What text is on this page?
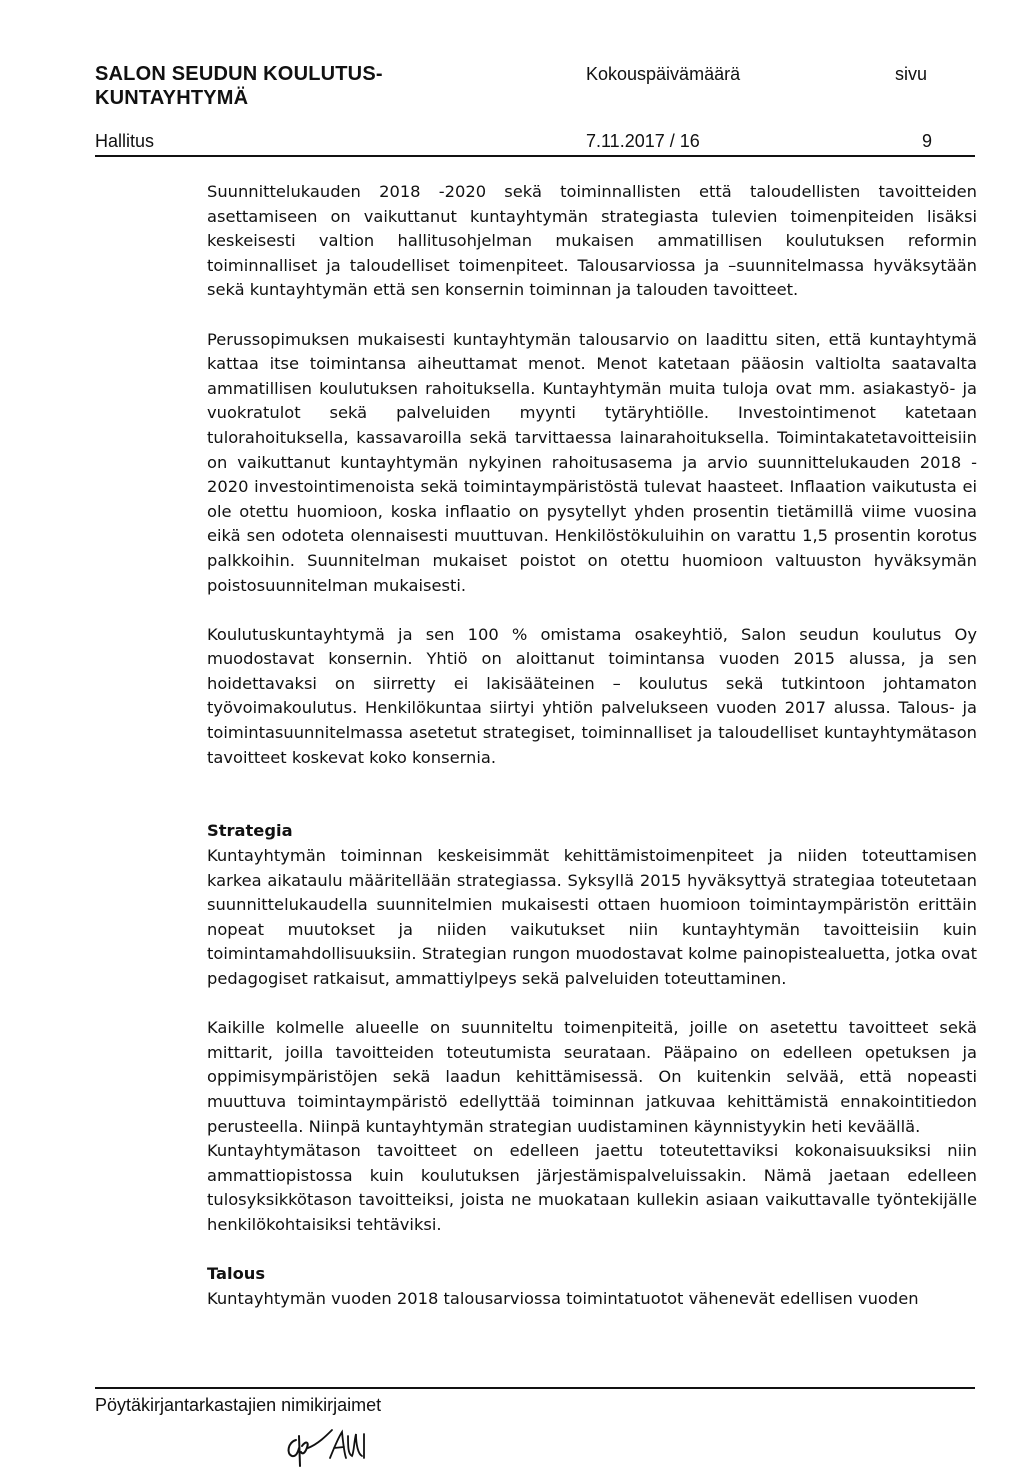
SALON SEUDUN KOULUTUS-
KUNTAYHTYMÄ
Kokouspäivämäärä	sivu
Hallitus	7.11.2017 / 16	9

Suunnittelukauden 2018 -2020 sekä toiminnallisten että taloudellisten tavoitteiden asettamiseen on vaikuttanut kuntayhtymän strategiasta tulevien toimenpiteiden lisäksi keskeisesti valtion hallitusohjelman mukaisen ammatillisen koulutuksen reformin toiminnalliset ja taloudelliset toimenpiteet. Talousarviossa ja –suunnitelmassa hyväksytään sekä kuntayhtymän että sen konsernin toiminnan ja talouden tavoitteet.

Perussopimuksen mukaisesti kuntayhtymän talousarvio on laadittu siten, että kuntayhtymä kattaa itse toimintansa aiheuttamat menot. Menot katetaan pääosin valtiolta saatavalta ammatillisen koulutuksen rahoituksella. Kuntayhtymän muita tuloja ovat mm. asiakastyö- ja vuokratulot sekä palveluiden myynti tytäryhtiölle. Investointimenot katetaan tulorahoituksella, kassavaroilla sekä tarvittaessa lainarahoituksella. Toimintakatetavoitteisiin on vaikuttanut kuntayhtymän nykyinen rahoitusasema ja arvio suunnittelukauden 2018 - 2020 investointimenoista sekä toimintaympäristöstä tulevat haasteet. Inflaation vaikutusta ei ole otettu huomioon, koska inflaatio on pysytellyt yhden prosentin tietämillä viime vuosina eikä sen odoteta olennaisesti muuttuvan. Henkilöstökuluihin on varattu 1,5 prosentin korotus palkkoihin. Suunnitelman mukaiset poistot on otettu huomioon valtuuston hyväksymän poistosuunnitelman mukaisesti.

Koulutuskuntayhtymä ja sen 100 % omistama osakeyhtiö, Salon seudun koulutus Oy muodostavat konsernin. Yhtiö on aloittanut toimintansa vuoden 2015 alussa, ja sen hoidettavaksi on siirretty ei lakisääteinen – koulutus sekä tutkintoon johtamaton työvoimakoulutus. Henkilökuntaa siirtyi yhtiön palvelukseen vuoden 2017 alussa. Talous- ja toimintasuunnitelmassa asetetut strategiset, toiminnalliset ja taloudelliset kuntayhtymätason tavoitteet koskevat koko konsernia.

Strategia

Kuntayhtymän toiminnan keskeisimmät kehittämistoimenpiteet ja niiden toteuttamisen karkea aikataulu määritellään strategiassa. Syksyllä 2015 hyväksyttyä strategiaa toteutetaan suunnittelukaudella suunnitelmien mukaisesti ottaen huomioon toimintaympäristön erittäin nopeat muutokset ja niiden vaikutukset niin kuntayhtymän tavoitteisiin kuin toimintamahdollisuuksiin. Strategian rungon muodostavat kolme painopistealuetta, jotka ovat pedagogiset ratkaisut, ammattiylpeys sekä palveluiden toteuttaminen.

Kaikille kolmelle alueelle on suunniteltu toimenpiteitä, joille on asetettu tavoitteet sekä mittarit, joilla tavoitteiden toteutumista seurataan. Pääpaino on edelleen opetuksen ja oppimisympäristöjen sekä laadun kehittämisessä. On kuitenkin selvää, että nopeasti muuttuva toimintaympäristö edellyttää toiminnan jatkuvaa kehittämistä ennakointitiedon perusteella. Niinpä kuntayhtymän strategian uudistaminen käynnistyykin heti keväällä.

Kuntayhtymätason tavoitteet on edelleen jaettu toteutettaviksi kokonaisuuksiksi niin ammattiopistossa kuin koulutuksen järjestämispalveluissakin. Nämä jaetaan edelleen tulosyksikkötason tavoitteiksi, joista ne muokataan kullekin asiaan vaikuttavalle työntekijälle henkilökohtaisiksi tehtäviksi.

Talous

Kuntayhtymän vuoden 2018 talousarviossa toimintatuotot vähenevät edellisen vuoden

Pöytäkirjantarkastajien nimikirjaimet
